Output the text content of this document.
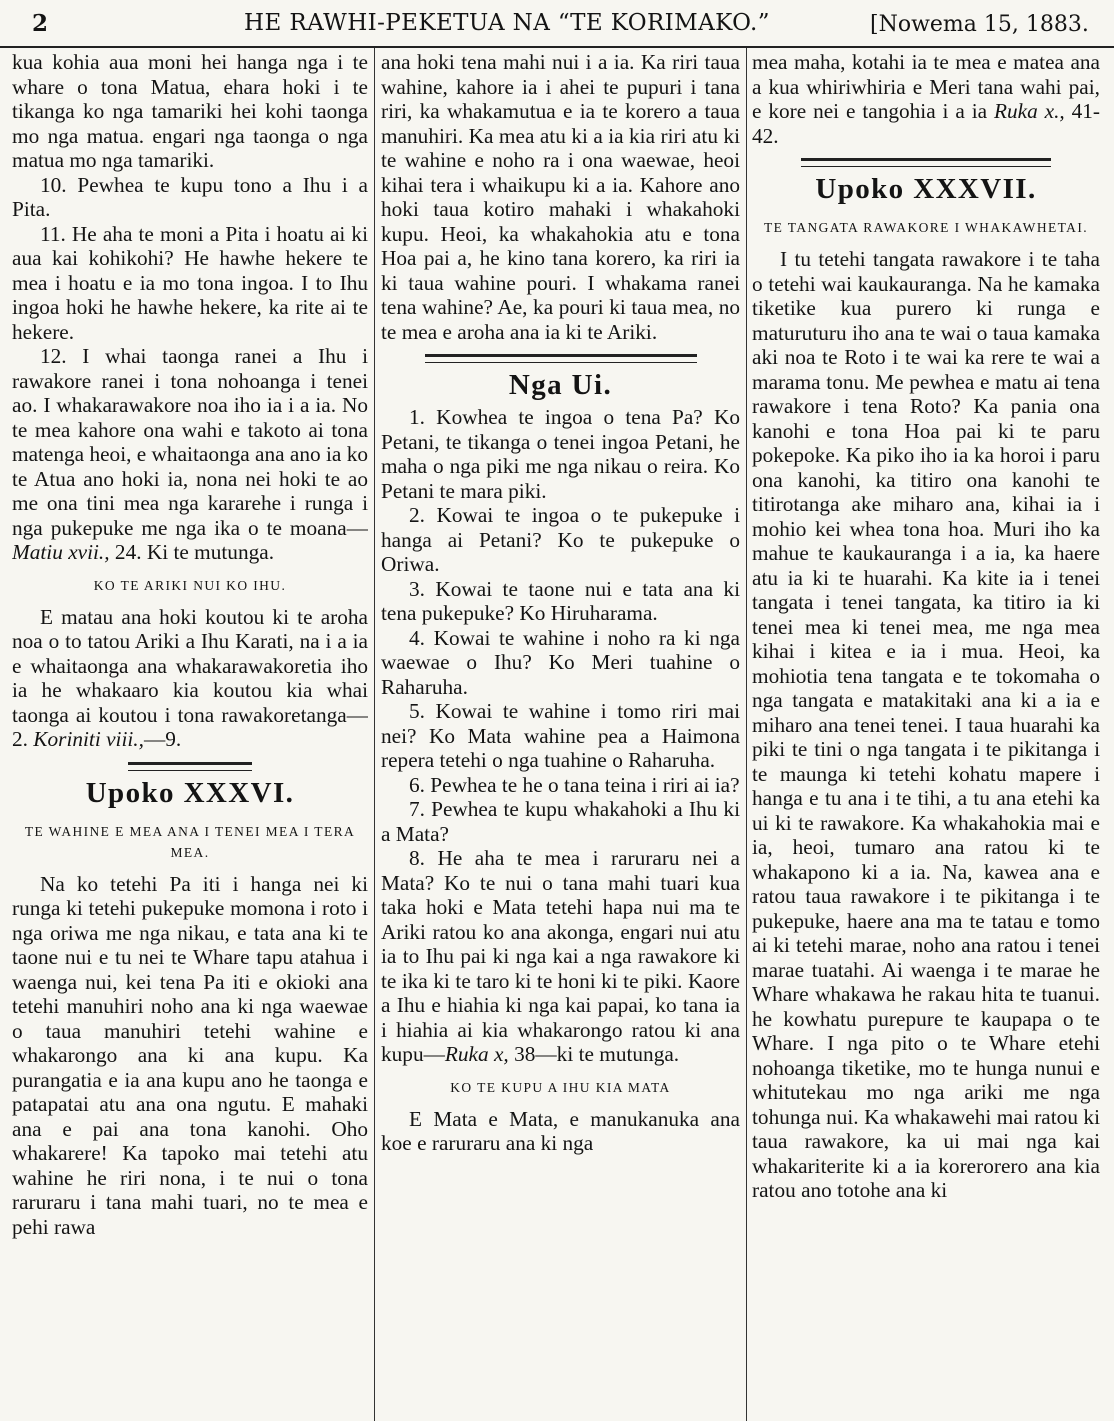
2	HE RAWHI-PEKETUA NA “TE KORIMAKO.”	[Nowema 15, 1883.

kua kohia aua moni hei hanga nga i te whare o tona Matua, ehara hoki i te tikanga ko nga tamariki hei kohi taonga mo nga matua. engari nga taonga o nga matua mo nga tamariki.

10. Pewhea te kupu tono a Ihu i a Pita.

11. He aha te moni a Pita i hoatu ai ki aua kai kohikohi? He hawhe hekere te mea i hoatu e ia mo tona ingoa. I to Ihu ingoa hoki he hawhe hekere, ka rite ai te hekere.

12. I whai taonga ranei a Ihu i rawakore ranei i tona nohoanga i tenei ao. I whakarawakore noa iho ia i a ia. No te mea kahore ona wahi e takoto ai tona matenga heoi, e whaitaonga ana ano ia ko te Atua ano hoki ia, nona nei hoki te ao me ona tini mea nga kararehe i runga i nga pukepuke me nga ika o te moana—Matiu xvii., 24. Ki te mutunga.

KO TE ARIKI NUI KO IHU.

E matau ana hoki koutou ki te aroha noa o to tatou Ariki a Ihu Karati, na i a ia e whaitaonga ana whakarawakoretia iho ia he whakaaro kia koutou kia whai taonga ai koutou i tona rawakoretanga—2. Koriniti viii.,—9.

Upoko XXXVI.

TE WAHINE E MEA ANA I TENEI MEA I TERA MEA.

Na ko tetehi Pa iti i hanga nei ki runga ki tetehi pukepuke momona i roto i nga oriwa me nga nikau, e tata ana ki te taone nui e tu nei te Whare tapu atahua i waenga nui, kei tena Pa iti e okioki ana tetehi manuhiri noho ana ki nga waewae o taua manuhiri tetehi wahine e whakarongo ana ki ana kupu. Ka purangatia e ia ana kupu ano he taonga e patapatai atu ana ona ngutu. E mahaki ana e pai ana tona kanohi. Oho whakarere! Ka tapoko mai tetehi atu wahine he riri nona, i te nui o tona raruraru i tana mahi tuari, no te mea e pehi rawa

ana hoki tena mahi nui i a ia. Ka riri taua wahine, kahore ia i ahei te pupuri i tana riri, ka whakamutua e ia te korero a taua manuhiri. Ka mea atu ki a ia kia riri atu ki te wahine e noho ra i ona waewae, heoi kihai tera i whaikupu ki a ia. Kahore ano hoki taua kotiro mahaki i whakahoki kupu. Heoi, ka whakahokia atu e tona Hoa pai a, he kino tana korero, ka riri ia ki taua wahine pouri. I whakama ranei tena wahine? Ae, ka pouri ki taua mea, no te mea e aroha ana ia ki te Ariki.

Nga Ui.

1. Kowhea te ingoa o tena Pa? Ko Petani, te tikanga o tenei ingoa Petani, he maha o nga piki me nga nikau o reira. Ko Petani te mara piki.

2. Kowai te ingoa o te pukepuke i hanga ai Petani? Ko te pukepuke o Oriwa.

3. Kowai te taone nui e tata ana ki tena pukepuke? Ko Hiruharama.

4. Kowai te wahine i noho ra ki nga waewae o Ihu? Ko Meri tuahine o Raharuha.

5. Kowai te wahine i tomo riri mai nei? Ko Mata wahine pea a Haimona repera tetehi o nga tuahine o Raharuha.

6. Pewhea te he o tana teina i riri ai ia?

7. Pewhea te kupu whakahoki a Ihu ki a Mata?

8. He aha te mea i raruraru nei a Mata? Ko te nui o tana mahi tuari kua taka hoki e Mata tetehi hapa nui ma te Ariki ratou ko ana akonga, engari nui atu ia to Ihu pai ki nga kai a nga rawakore ki te ika ki te taro ki te honi ki te piki. Kaore a Ihu e hiahia ki nga kai papai, ko tana ia i hiahia ai kia whakarongo ratou ki ana kupu—Ruka x, 38—ki te mutunga.

KO TE KUPU A IHU KIA MATA

E Mata e Mata, e manukanuka ana koe e raruraru ana ki nga

mea maha, kotahi ia te mea e matea ana a kua whiriwhiria e Meri tana wahi pai, e kore nei e tangohia i a ia Ruka x., 41-42.

Upoko XXXVII.

TE TANGATA RAWAKORE I WHAKAWHETAI.

I tu tetehi tangata rawakore i te taha o tetehi wai kaukauranga. Na he kamaka tiketike kua purero ki runga e maturuturu iho ana te wai o taua kamaka aki noa te Roto i te wai ka rere te wai a marama tonu. Me pewhea e matu ai tena rawakore i tena Roto? Ka pania ona kanohi e tona Hoa pai ki te paru pokepoke. Ka piko iho ia ka horoi i paru ona kanohi, ka titiro ona kanohi te titirotanga ake miharo ana, kihai ia i mohio kei whea tona hoa. Muri iho ka mahue te kaukauranga i a ia, ka haere atu ia ki te huarahi. Ka kite ia i tenei tangata i tenei tangata, ka titiro ia ki tenei mea ki tenei mea, me nga mea kihai i kitea e ia i mua. Heoi, ka mohiotia tena tangata e te tokomaha o nga tangata e matakitaki ana ki a ia e miharo ana tenei tenei. I taua huarahi ka piki te tini o nga tangata i te pikitanga i te maunga ki tetehi kohatu mapere i hanga e tu ana i te tihi, a tu ana etehi ka ui ki te rawakore. Ka whakahokia mai e ia, heoi, tumaro ana ratou ki te whakapono ki a ia. Na, kawea ana e ratou taua rawakore i te pikitanga i te pukepuke, haere ana ma te tatau e tomo ai ki tetehi marae, noho ana ratou i tenei marae tuatahi. Ai waenga i te marae he Whare whakawa he rakau hita te tuanui. he kowhatu purepure te kaupapa o te Whare. I nga pito o te Whare etehi nohoanga tiketike, mo te hunga nunui e whitutekau mo nga ariki me nga tohunga nui. Ka whakawehi mai ratou ki taua rawakore, ka ui mai nga kai whakariterite ki a ia korerorero ana kia ratou ano totohe ana ki
